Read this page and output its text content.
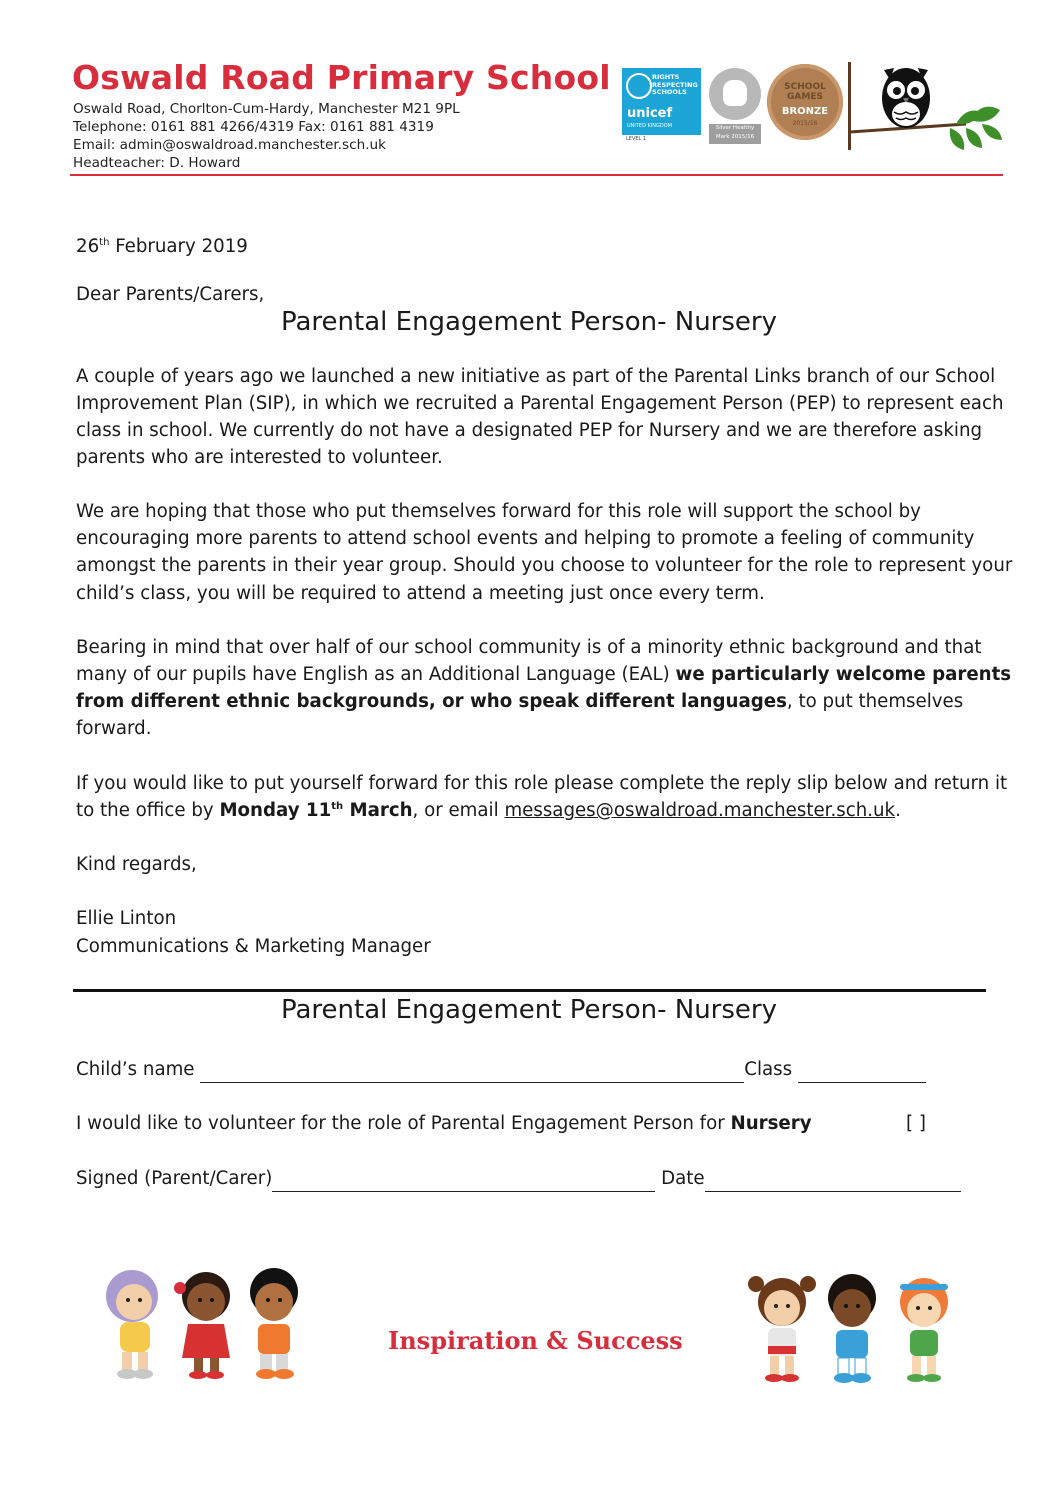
Oswald Road Primary School
Oswald Road, Chorlton-Cum-Hardy, Manchester M21 9PL
Telephone: 0161 881 4266/4319 Fax: 0161 881 4319
Email: admin@oswaldroad.manchester.sch.uk
Headteacher: D. Howard
RIGHTS RESPECTING SCHOOLS
unicef
UNITED KINGDOM
LEVEL 1
Silver Healthy Mark 2015/16
SCHOOL GAMES
BRONZE
2015/16
26th February 2019
Dear Parents/Carers,
Parental Engagement Person- Nursery
A couple of years ago we launched a new initiative as part of the Parental Links branch of our School
Improvement Plan (SIP), in which we recruited a Parental Engagement Person (PEP) to represent each
class in school. We currently do not have a designated PEP for Nursery and we are therefore asking
parents who are interested to volunteer.
We are hoping that those who put themselves forward for this role will support the school by
encouraging more parents to attend school events and helping to promote a feeling of community
amongst the parents in their year group. Should you choose to volunteer for the role to represent your
child’s class, you will be required to attend a meeting just once every term.
Bearing in mind that over half of our school community is of a minority ethnic background and that
many of our pupils have English as an Additional Language (EAL) we particularly welcome parents
from different ethnic backgrounds, or who speak different languages, to put themselves
forward.
If you would like to put yourself forward for this role please complete the reply slip below and return it
to the office by Monday 11th March, or email messages@oswaldroad.manchester.sch.uk.
Kind regards,
Ellie Linton
Communications & Marketing Manager
Parental Engagement Person- Nursery
Child’s name	Class
I would like to volunteer for the role of Parental Engagement Person for Nursery	[ ]
Signed (Parent/Carer)	Date
Inspiration & Success
